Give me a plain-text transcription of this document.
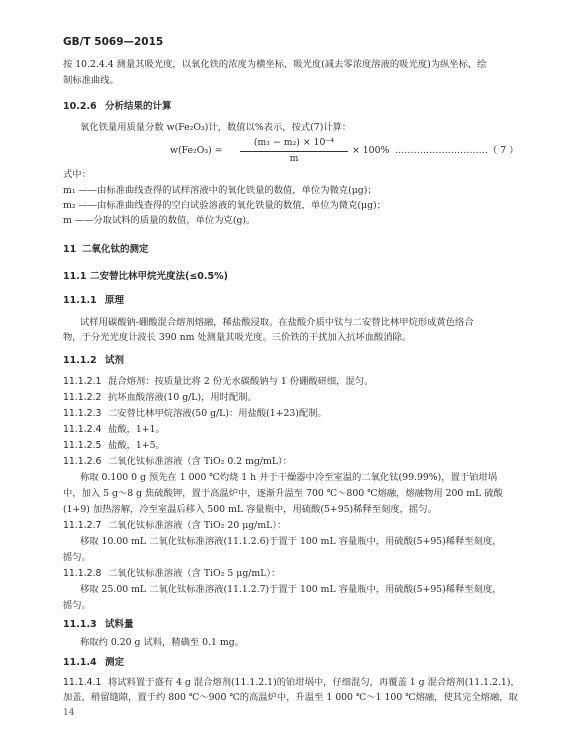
GB/T 5069—2015
按 10.2.4.4 测量其吸光度，以氧化铁的浓度为横坐标，吸光度(减去零浓度溶液的吸光度)为纵坐标，绘
制标准曲线。
10.2.6 分析结果的计算
氧化铁量用质量分数 w(Fe₂O₃)计，数值以%表示，按式(7)计算：
w(Fe₂O₃) =
(m₁ − m₂) × 10⁻⁴
m
× 100% …………………………（ 7 ）
式中：
m₁ ——由标准曲线查得的试样溶液中的氧化铁量的数值，单位为微克(μg)；
m₂ ——由标准曲线查得的空白试验溶液的氧化铁量的数值，单位为微克(μg)；
m ——分取试料的质量的数值，单位为克(g)。
11 二氧化钛的测定
11.1 二安替比林甲烷光度法(≤0.5%)
11.1.1 原理
试样用碳酸钠-硼酸混合熔剂熔融，稀盐酸浸取。在盐酸介质中钛与二安替比林甲烷形成黄色络合
物，于分光光度计波长 390 nm 处测量其吸光度。三价铁的干扰加入抗坏血酸消除。
11.1.2 试剂
11.1.2.1 混合熔剂：按质量比将 2 份无水碳酸钠与 1 份硼酸研细，混匀。
11.1.2.2 抗坏血酸溶液(10 g/L)，用时配制。
11.1.2.3 二安替比林甲烷溶液(50 g/L)：用盐酸(1+23)配制。
11.1.2.4 盐酸，1+1。
11.1.2.5 盐酸，1+5。
11.1.2.6 二氧化钛标准溶液（含 TiO₂ 0.2 mg/mL）：
称取 0.100 0 g 预先在 1 000 ℃灼烧 1 h 并于干燥器中冷至室温的二氧化钛(99.99%)，置于铂坩埚
中，加入 5 g～8 g 焦硫酸钾，置于高温炉中，逐渐升温至 700 ℃～800 ℃熔融，熔融物用 200 mL 硫酸
(1+9) 加热溶解，冷至室温后移入 500 mL 容量瓶中，用硫酸(5+95)稀释至刻度，摇匀。
11.1.2.7 二氧化钛标准溶液（含 TiO₂ 20 μg/mL）：
移取 10.00 mL 二氧化钛标准溶液(11.1.2.6)于置于 100 mL 容量瓶中，用硫酸(5+95)稀释至刻度，
摇匀。
11.1.2.8 二氧化钛标准溶液（含 TiO₂ 5 μg/mL）：
移取 25.00 mL 二氧化钛标准溶液(11.1.2.7)于置于 100 mL 容量瓶中，用硫酸(5+95)稀释至刻度，
摇匀。
11.1.3 试料量
称取约 0.20 g 试料，精确至 0.1 mg。
11.1.4 测定
11.1.4.1 将试料置于盛有 4 g 混合熔剂(11.1.2.1)的铂坩埚中，仔细混匀，再覆盖 1 g 混合熔剂(11.1.2.1)，
加盖，稍留缝隙，置于约 800 ℃～900 ℃的高温炉中，升温至 1 000 ℃～1 100 ℃熔融，使其完全熔融，取
14
